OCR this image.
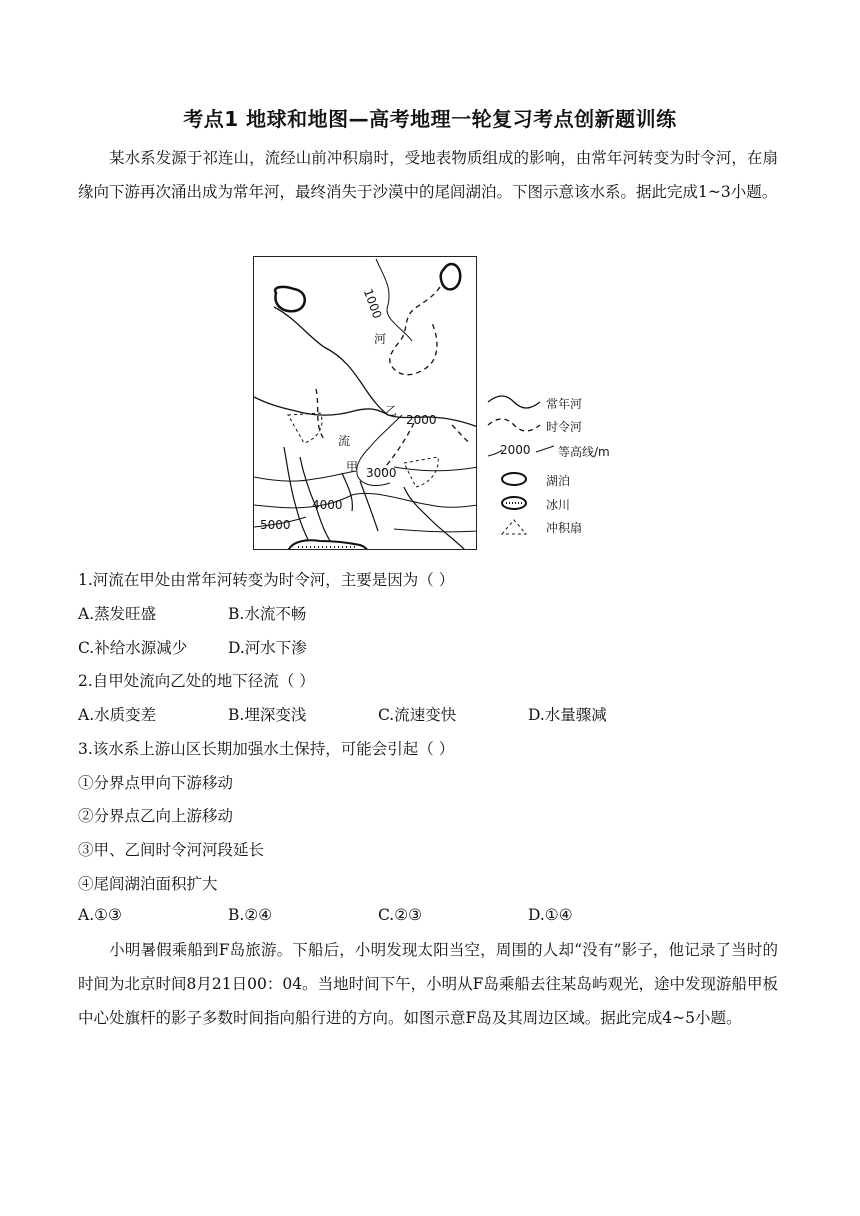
考点1 地球和地图—高考地理一轮复习考点创新题训练
某水系发源于祁连山，流经山前冲积扇时，受地表物质组成的影响，由常年河转变为时令河，在扇缘向下游再次涌出成为常年河，最终消失于沙漠中的尾闾湖泊。下图示意该水系。据此完成1~3小题。
河
乙
流
甲
1000
2000
3000
4000
5000
常年河
时令河
2000 等高线/m
湖泊
冰川
冲积扇
1.河流在甲处由常年河转变为时令河，主要是因为（ ）
A.蒸发旺盛	B.水流不畅
C.补给水源减少	D.河水下渗
2.自甲处流向乙处的地下径流（ ）
A.水质变差	B.埋深变浅	C.流速变快	D.水量骤减
3.该水系上游山区长期加强水土保持，可能会引起（ ）
①分界点甲向下游移动
②分界点乙向上游移动
③甲、乙间时令河河段延长
④尾闾湖泊面积扩大
A.①③	B.②④	C.②③	D.①④
小明暑假乘船到F岛旅游。下船后，小明发现太阳当空，周围的人却“没有”影子，他记录了当时的时间为北京时间8月21日00：04。当地时间下午，小明从F岛乘船去往某岛屿观光，途中发现游船甲板中心处旗杆的影子多数时间指向船行进的方向。如图示意F岛及其周边区域。据此完成4~5小题。
